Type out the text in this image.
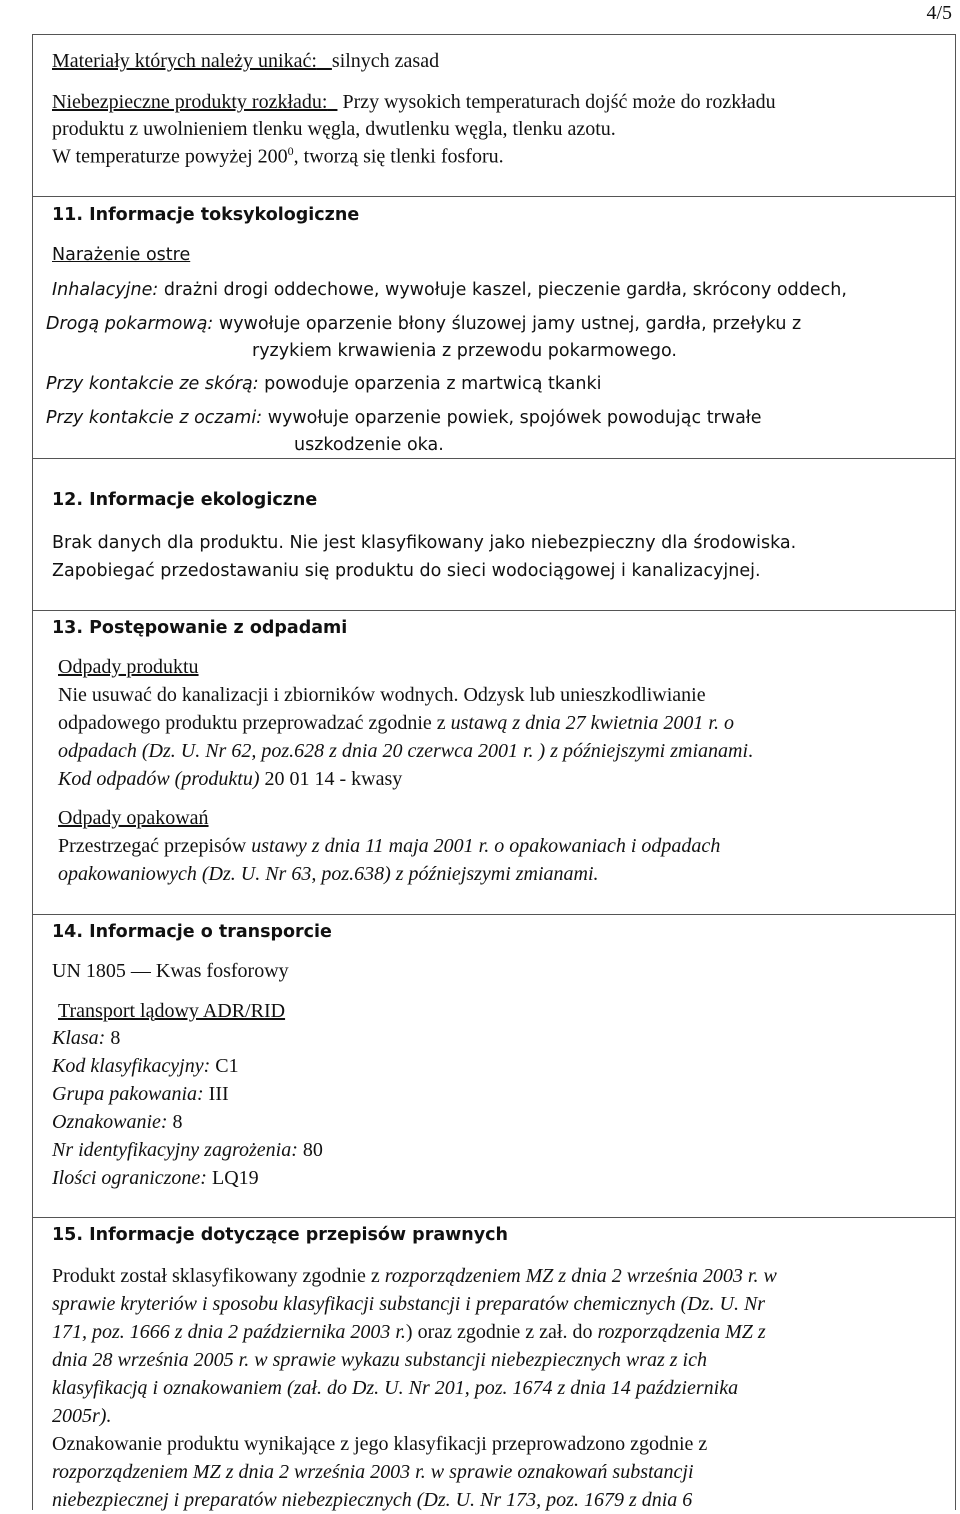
4/5
Materiały których należy unikać: silnych zasad
Niebezpieczne produkty rozkładu: Przy wysokich temperaturach dojść może do rozkładu
produktu z uwolnieniem tlenku węgla, dwutlenku węgla, tlenku azotu.
W temperaturze powyżej $200^0$, tworzą się tlenki fosforu.
11. Informacje toksykologiczne
Narażenie ostre
Inhalacyjne: drażni drogi oddechowe, wywołuje kaszel, pieczenie gardła, skrócony oddech,
Drogą pokarmową: wywołuje oparzenie błony śluzowej jamy ustnej, gardła, przełyku z
ryzykiem krwawienia z przewodu pokarmowego.
Przy kontakcie ze skórą: powoduje oparzenia z martwicą tkanki
Przy kontakcie z oczami: wywołuje oparzenie powiek, spojówek powodując trwałe
uszkodzenie oka.
12. Informacje ekologiczne
Brak danych dla produktu. Nie jest klasyfikowany jako niebezpieczny dla środowiska.
Zapobiegać przedostawaniu się produktu do sieci wodociągowej i kanalizacyjnej.
13. Postępowanie z odpadami
Odpady produktu
Nie usuwać do kanalizacji i zbiorników wodnych. Odzysk lub unieszkodliwianie
odpadowego produktu przeprowadzać zgodnie z ustawą z dnia 27 kwietnia 2001 r. o
odpadach (Dz. U. Nr 62, poz.628 z dnia 20 czerwca 2001 r. ) z późniejszymi zmianami.
Kod odpadów (produktu) 20 01 14 - kwasy
Odpady opakowań
Przestrzegać przepisów ustawy z dnia 11 maja 2001 r. o opakowaniach i odpadach
opakowaniowych (Dz. U. Nr 63, poz.638) z późniejszymi zmianami.
14. Informacje o transporcie
UN 1805 — Kwas fosforowy
Transport lądowy ADR/RID
Klasa: 8
Kod klasyfikacyjny: C1
Grupa pakowania: III
Oznakowanie: 8
Nr identyfikacyjny zagrożenia: 80
Ilości ograniczone: LQ19
15. Informacje dotyczące przepisów prawnych
Produkt został sklasyfikowany zgodnie z rozporządzeniem MZ z dnia 2 września 2003 r. w
sprawie kryteriów i sposobu klasyfikacji substancji i preparatów chemicznych (Dz. U. Nr
171, poz. 1666 z dnia 2 października 2003 r.) oraz zgodnie z zał. do rozporządzenia MZ z
dnia 28 września 2005 r. w sprawie wykazu substancji niebezpiecznych wraz z ich
klasyfikacją i oznakowaniem (zał. do Dz. U. Nr 201, poz. 1674 z dnia 14 października
2005r).
Oznakowanie produktu wynikające z jego klasyfikacji przeprowadzono zgodnie z
rozporządzeniem MZ z dnia 2 września 2003 r. w sprawie oznakowań substancji
niebezpiecznej i preparatów niebezpiecznych (Dz. U. Nr 173, poz. 1679 z dnia 6
